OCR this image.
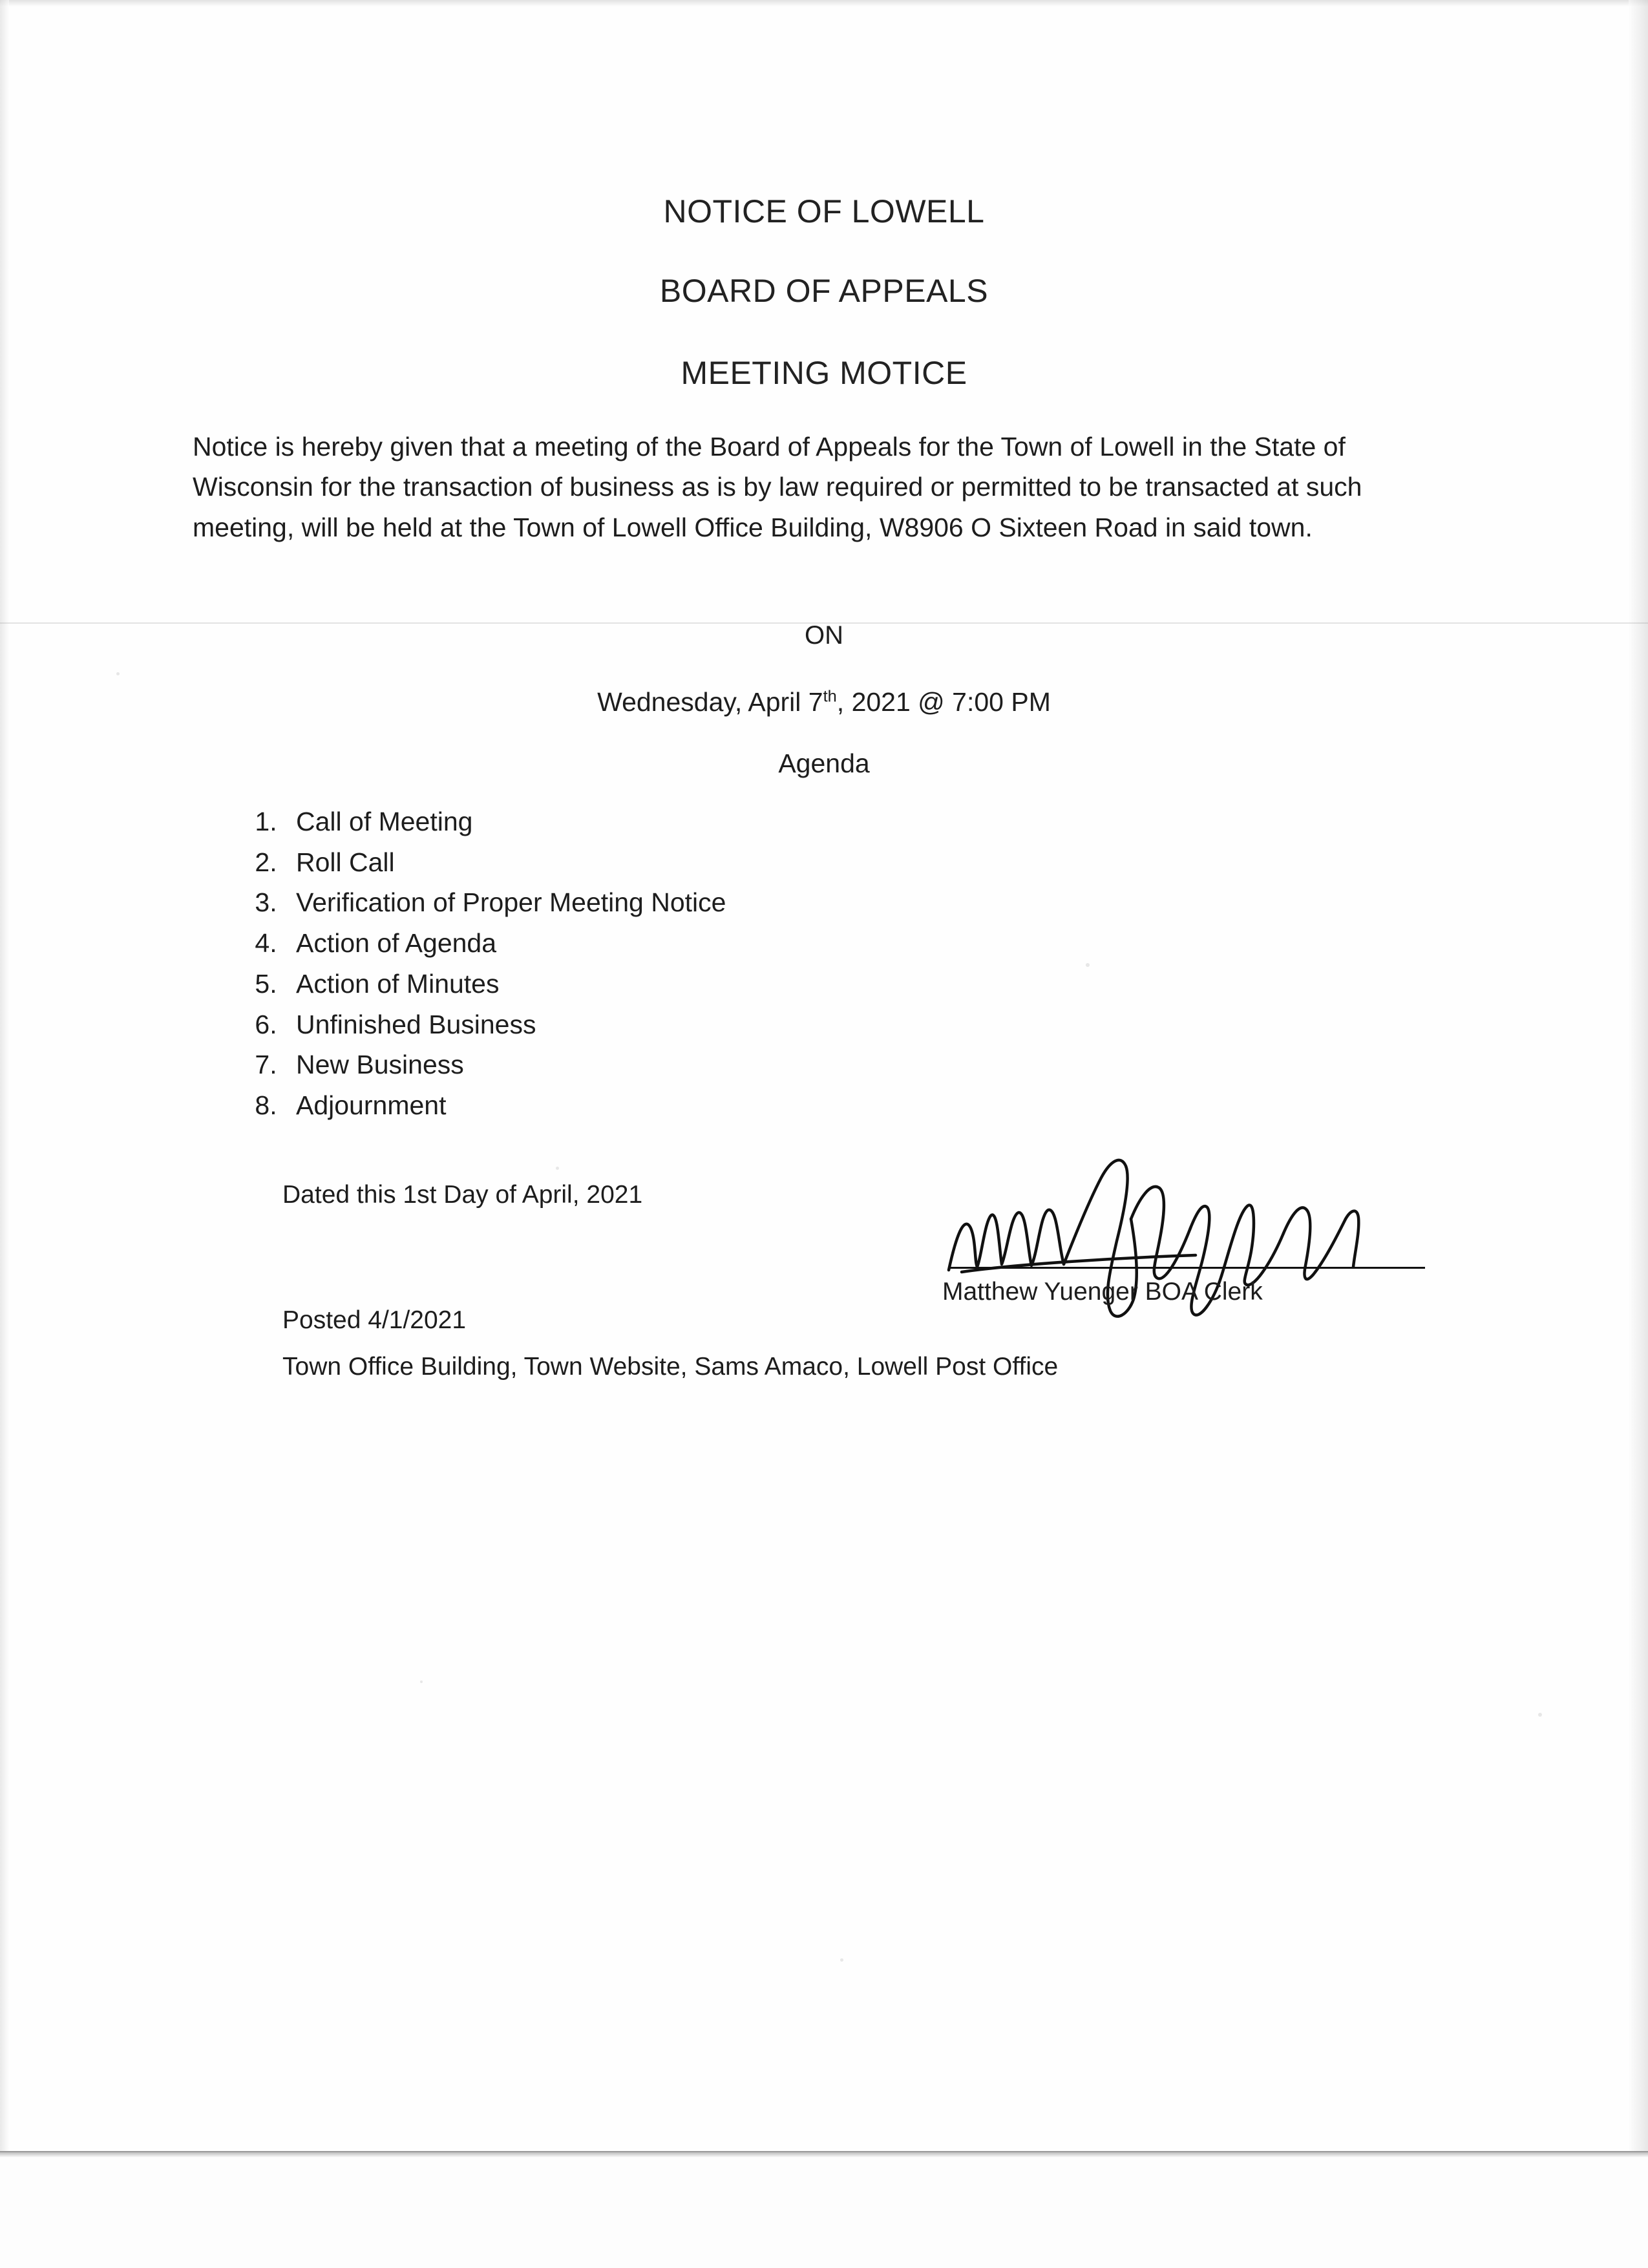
NOTICE OF LOWELL
BOARD OF APPEALS
MEETING MOTICE
Notice is hereby given that a meeting of the Board of Appeals for the Town of Lowell in the State of Wisconsin for the transaction of business as is by law required or permitted to be transacted at such meeting, will be held at the Town of Lowell Office Building, W8906 O Sixteen Road in said town.
ON
Wednesday, April 7th, 2021 @ 7:00 PM
Agenda
1. Call of Meeting
2. Roll Call
3. Verification of Proper Meeting Notice
4. Action of Agenda
5. Action of Minutes
6. Unfinished Business
7. New Business
8. Adjournment
Dated this 1st Day of April, 2021
Matthew Yuenger BOA Clerk
Posted 4/1/2021
Town Office Building, Town Website, Sams Amaco, Lowell Post Office
